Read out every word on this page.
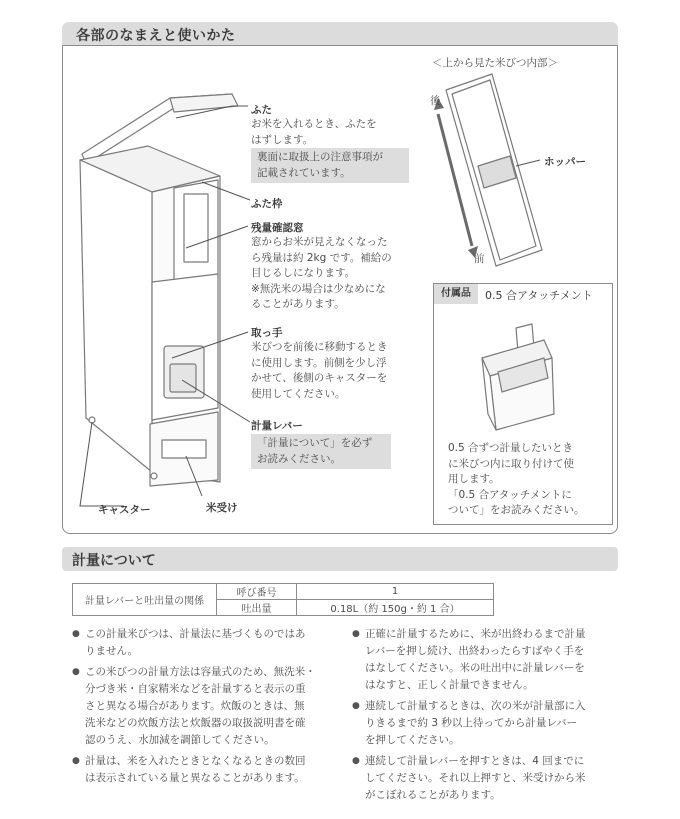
各部のなまえと使いかた
ふた
お米を入れるとき、ふたを
はずします。
裏面に取扱上の注意事項が
記載されています。
ふた枠
残量確認窓
窓からお米が見えなくなった
ら残量は約 2kg です。補給の
目じるしになります。
※無洗米の場合は少なめにな
ることがあります。
取っ手
米びつを前後に移動するとき
に使用します。前側を少し浮
かせて、後側のキャスターを
使用してください。
計量レバー
「計量について」を必ず
お読みください。
キャスター	米受け
＜上から見た米びつ内部＞
後
前
ホッパー
付属品	0.5 合アタッチメント
0.5 合ずつ計量したいとき
に米びつ内に取り付けて使
用します。
「0.5 合アタッチメントに
ついて」をお読みください。
計量について
計量レバーと吐出量の関係	呼び番号	1
	吐出量	0.18L（約 150g・約 1 合）
● この計量米びつは、計量法に基づくものではあ
りません。
● この米びつの計量方法は容量式のため、無洗米・
分づき米・自家精米などを計量すると表示の重
さと異なる場合があります。炊飯のときは、無
洗米などの炊飯方法と炊飯器の取扱説明書を確
認のうえ、水加減を調節してください。
● 計量は、米を入れたときとなくなるときの数回
は表示されている量と異なることがあります。
● 正確に計量するために、米が出終わるまで計量
レバーを押し続け、出終わったらすばやく手を
はなしてください。米の吐出中に計量レバーを
はなすと、正しく計量できません。
● 連続して計量するときは、次の米が計量部に入
りきるまで約 3 秒以上待ってから計量レバー
を押してください。
● 連続して計量レバーを押すときは、4 回までに
してください。それ以上押すと、米受けから米
がこぼれることがあります。
